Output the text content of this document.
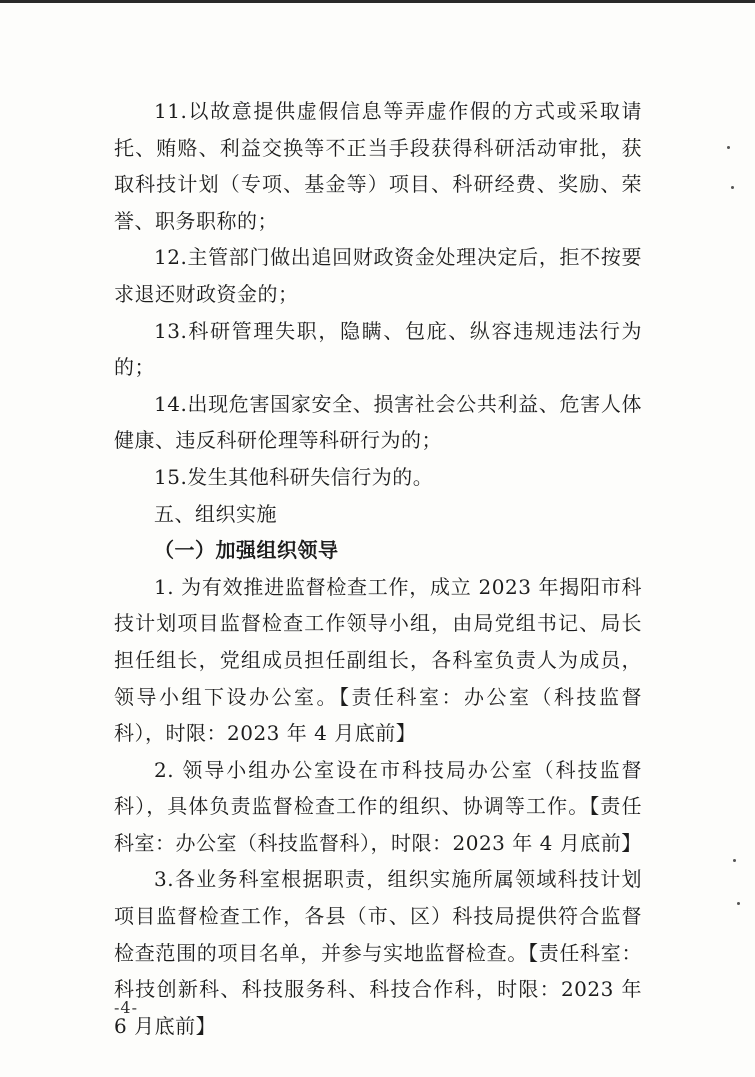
11.以故意提供虚假信息等弄虚作假的方式或采取请托、贿赂、利益交换等不正当手段获得科研活动审批，获取科技计划（专项、基金等）项目、科研经费、奖励、荣誉、职务职称的；

12.主管部门做出追回财政资金处理决定后，拒不按要求退还财政资金的；

13.科研管理失职，隐瞒、包庇、纵容违规违法行为的；

14.出现危害国家安全、损害社会公共利益、危害人体健康、违反科研伦理等科研行为的；

15.发生其他科研失信行为的。

五、组织实施

（一）加强组织领导

1. 为有效推进监督检查工作，成立 2023 年揭阳市科技计划项目监督检查工作领导小组，由局党组书记、局长担任组长，党组成员担任副组长，各科室负责人为成员，领导小组下设办公室。【责任科室：办公室（科技监督科），时限：2023 年 4 月底前】

2. 领导小组办公室设在市科技局办公室（科技监督科），具体负责监督检查工作的组织、协调等工作。【责任科室：办公室（科技监督科），时限：2023 年 4 月底前】

3.各业务科室根据职责，组织实施所属领域科技计划项目监督检查工作，各县（市、区）科技局提供符合监督检查范围的项目名单，并参与实地监督检查。【责任科室：科技创新科、科技服务科、科技合作科，时限：2023 年 6 月底前】

-4-
